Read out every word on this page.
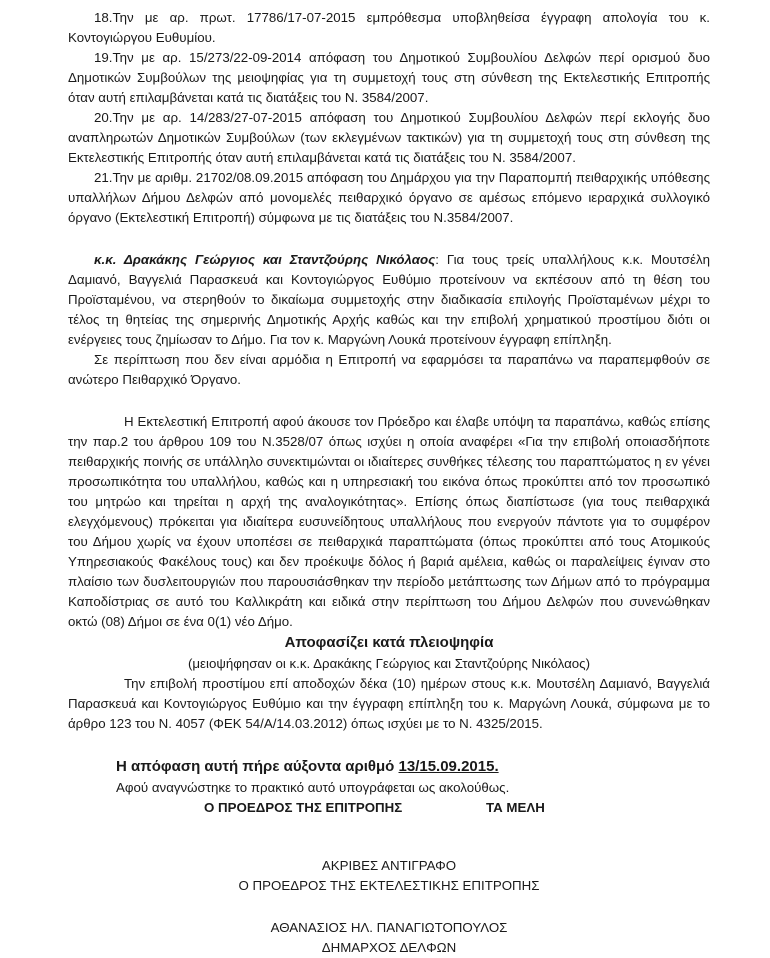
18.Την με αρ. πρωτ. 17786/17-07-2015 εμπρόθεσμα υποβληθείσα έγγραφη απολογία του κ. Κοντογιώργου Ευθυμίου.

19.Την με αρ. 15/273/22-09-2014 απόφαση του Δημοτικού Συμβουλίου Δελφών περί ορισμού δυο Δημοτικών Συμβούλων της μειοψηφίας για τη συμμετοχή τους στη σύνθεση της Εκτελεστικής Επιτροπής όταν αυτή επιλαμβάνεται κατά τις διατάξεις του Ν. 3584/2007.

20.Την με αρ. 14/283/27-07-2015 απόφαση του Δημοτικού Συμβουλίου Δελφών περί εκλογής δυο αναπληρωτών Δημοτικών Συμβούλων (των εκλεγμένων τακτικών) για τη συμμετοχή τους στη σύνθεση της Εκτελεστικής Επιτροπής όταν αυτή επιλαμβάνεται κατά τις διατάξεις του Ν. 3584/2007.

21.Την με αριθμ. 21702/08.09.2015 απόφαση του Δημάρχου για την Παραπομπή πειθαρχικής υπόθεσης υπαλλήλων Δήμου Δελφών από μονομελές πειθαρχικό όργανο σε αμέσως επόμενο ιεραρχικά συλλογικό όργανο (Εκτελεστική Επιτροπή) σύμφωνα με τις διατάξεις του Ν.3584/2007.

κ.κ. Δρακάκης Γεώργιος και Σταντζούρης Νικόλαος: Για τους τρείς υπαλλήλους κ.κ. Μουτσέλη Δαμιανό, Βαγγελιά Παρασκευά και Κοντογιώργος Ευθύμιο προτείνουν να εκπέσουν από τη θέση του Προϊσταμένου, να στερηθούν το δικαίωμα συμμετοχής στην διαδικασία επιλογής Προϊσταμένων μέχρι το τέλος τη θητείας της σημερινής Δημοτικής Αρχής καθώς και την επιβολή χρηματικού προστίμου διότι οι ενέργειες τους ζημίωσαν το Δήμο. Για τον κ. Μαργώνη Λουκά προτείνουν έγγραφη επίπληξη.

Σε περίπτωση που δεν είναι αρμόδια η Επιτροπή να εφαρμόσει τα παραπάνω να παραπεμφθούν σε ανώτερο Πειθαρχικό Όργανο.

Η Εκτελεστική Επιτροπή αφού άκουσε τον Πρόεδρο και έλαβε υπόψη τα παραπάνω, καθώς επίσης την παρ.2 του άρθρου 109 του Ν.3528/07 όπως ισχύει η οποία αναφέρει «Για την επιβολή οποιασδήποτε πειθαρχικής ποινής σε υπάλληλο συνεκτιμώνται οι ιδιαίτερες συνθήκες τέλεσης του παραπτώματος η εν γένει προσωπικότητα του υπαλλήλου, καθώς και η υπηρεσιακή του εικόνα όπως προκύπτει από τον προσωπικό του μητρώο και τηρείται η αρχή της αναλογικότητας». Επίσης όπως διαπίστωσε (για τους πειθαρχικά ελεγχόμενους) πρόκειται για ιδιαίτερα ευσυνείδητους υπαλλήλους που ενεργούν πάντοτε για το συμφέρον του Δήμου χωρίς να έχουν υποπέσει σε πειθαρχικά παραπτώματα (όπως προκύπτει από τους Ατομικούς Υπηρεσιακούς Φακέλους τους) και δεν προέκυψε δόλος ή βαριά αμέλεια, καθώς οι παραλείψεις έγιναν στο πλαίσιο των δυσλειτουργιών που παρουσιάσθηκαν την περίοδο μετάπτωσης των Δήμων από το πρόγραμμα Καποδίστριας σε αυτό του Καλλικράτη και ειδικά στην περίπτωση του Δήμου Δελφών που συνενώθηκαν οκτώ (08) Δήμοι σε ένα 0(1) νέο Δήμο.

Αποφασίζει κατά πλειοψηφία

(μειοψήφησαν οι κ.κ. Δρακάκης Γεώργιος και Σταντζούρης Νικόλαος)

Την επιβολή προστίμου επί αποδοχών δέκα (10) ημέρων στους κ.κ. Μουτσέλη Δαμιανό, Βαγγελιά Παρασκευά και Κοντογιώργος Ευθύμιο και την έγγραφη επίπληξη του κ. Μαργώνη Λουκά, σύμφωνα με το άρθρο 123 του Ν. 4057 (ΦΕΚ 54/Α/14.03.2012) όπως ισχύει με το Ν. 4325/2015.

Η απόφαση αυτή πήρε αύξοντα αριθμό 13/15.09.2015.

Αφού αναγνώστηκε το πρακτικό αυτό υπογράφεται ως ακολούθως.

Ο ΠΡΟΕΔΡΟΣ ΤΗΣ ΕΠΙΤΡΟΠΗΣ	ΤΑ ΜΕΛΗ

ΑΚΡΙΒΕΣ ΑΝΤΙΓΡΑΦΟ

Ο ΠΡΟΕΔΡΟΣ ΤΗΣ ΕΚΤΕΛΕΣΤΙΚΗΣ ΕΠΙΤΡΟΠΗΣ

ΑΘΑΝΑΣΙΟΣ ΗΛ. ΠΑΝΑΓΙΩΤΟΠΟΥΛΟΣ

ΔΗΜΑΡΧΟΣ ΔΕΛΦΩΝ
